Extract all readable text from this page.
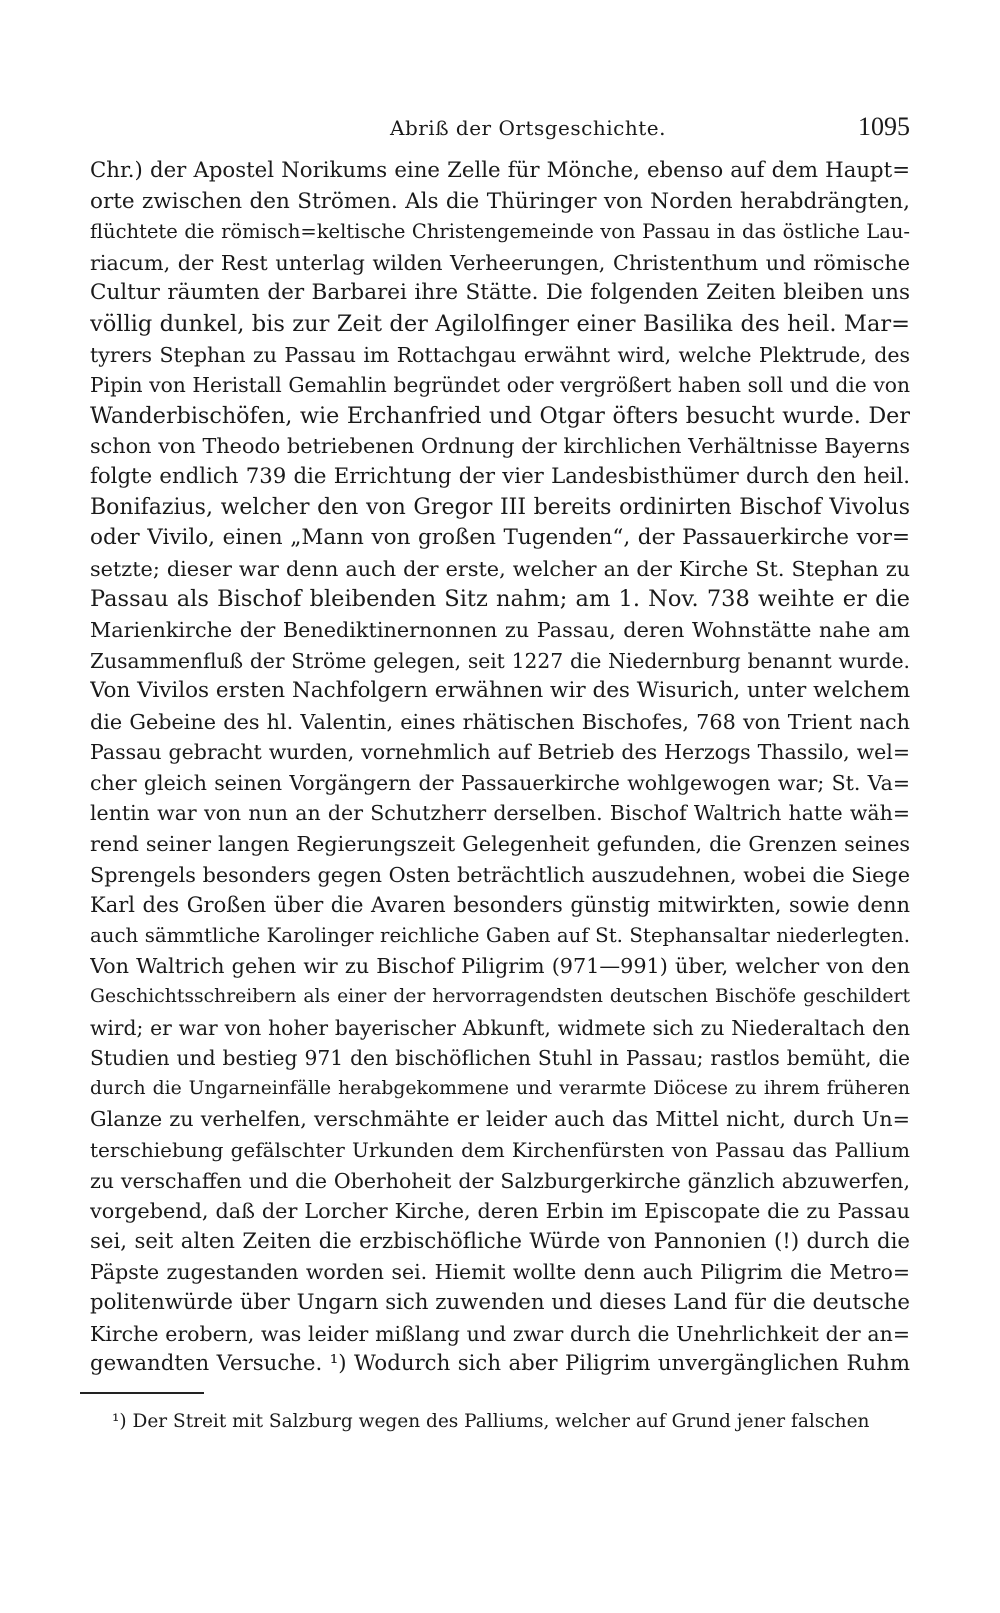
Abriß der Ortsgeschichte.	1095
Chr.) der Apostel Norikums eine Zelle für Mönche, ebenso auf dem Haupt=
orte zwischen den Strömen. Als die Thüringer von Norden herabdrängten,
flüchtete die römisch=keltische Christengemeinde von Passau in das östliche Lau-
riacum, der Rest unterlag wilden Verheerungen, Christenthum und römische
Cultur räumten der Barbarei ihre Stätte. Die folgenden Zeiten bleiben uns
völlig dunkel, bis zur Zeit der Agilolfinger einer Basilika des heil. Mar=
tyrers Stephan zu Passau im Rottachgau erwähnt wird, welche Plektrude, des
Pipin von Heristall Gemahlin begründet oder vergrößert haben soll und die von
Wanderbischöfen, wie Erchanfried und Otgar öfters besucht wurde. Der
schon von Theodo betriebenen Ordnung der kirchlichen Verhältnisse Bayerns
folgte endlich 739 die Errichtung der vier Landesbisthümer durch den heil.
Bonifazius, welcher den von Gregor III bereits ordinirten Bischof Vivolus
oder Vivilo, einen „Mann von großen Tugenden“, der Passauerkirche vor=
setzte; dieser war denn auch der erste, welcher an der Kirche St. Stephan zu
Passau als Bischof bleibenden Sitz nahm; am 1. Nov. 738 weihte er die
Marienkirche der Benediktinernonnen zu Passau, deren Wohnstätte nahe am
Zusammenfluß der Ströme gelegen, seit 1227 die Niedernburg benannt wurde.
Von Vivilos ersten Nachfolgern erwähnen wir des Wisurich, unter welchem
die Gebeine des hl. Valentin, eines rhätischen Bischofes, 768 von Trient nach
Passau gebracht wurden, vornehmlich auf Betrieb des Herzogs Thassilo, wel=
cher gleich seinen Vorgängern der Passauerkirche wohlgewogen war; St. Va=
lentin war von nun an der Schutzherr derselben. Bischof Waltrich hatte wäh=
rend seiner langen Regierungszeit Gelegenheit gefunden, die Grenzen seines
Sprengels besonders gegen Osten beträchtlich auszudehnen, wobei die Siege
Karl des Großen über die Avaren besonders günstig mitwirkten, sowie denn
auch sämmtliche Karolinger reichliche Gaben auf St. Stephansaltar niederlegten.
Von Waltrich gehen wir zu Bischof Piligrim (971—991) über, welcher von den
Geschichtsschreibern als einer der hervorragendsten deutschen Bischöfe geschildert
wird; er war von hoher bayerischer Abkunft, widmete sich zu Niederaltach den
Studien und bestieg 971 den bischöflichen Stuhl in Passau; rastlos bemüht, die
durch die Ungarneinfälle herabgekommene und verarmte Diöcese zu ihrem früheren
Glanze zu verhelfen, verschmähte er leider auch das Mittel nicht, durch Un=
terschiebung gefälschter Urkunden dem Kirchenfürsten von Passau das Pallium
zu verschaffen und die Oberhoheit der Salzburgerkirche gänzlich abzuwerfen,
vorgebend, daß der Lorcher Kirche, deren Erbin im Episcopate die zu Passau
sei, seit alten Zeiten die erzbischöfliche Würde von Pannonien (!) durch die
Päpste zugestanden worden sei. Hiemit wollte denn auch Piligrim die Metro=
politenwürde über Ungarn sich zuwenden und dieses Land für die deutsche
Kirche erobern, was leider mißlang und zwar durch die Unehrlichkeit der an=
gewandten Versuche. ¹) Wodurch sich aber Piligrim unvergänglichen Ruhm
¹) Der Streit mit Salzburg wegen des Palliums, welcher auf Grund jener falschen
